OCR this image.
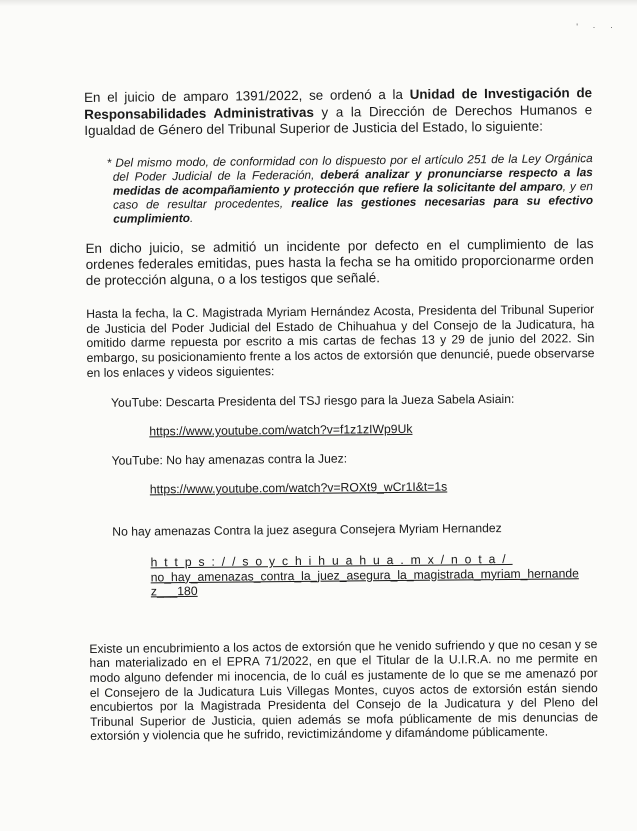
' · ·

En el juicio de amparo 1391/2022, se ordenó a la Unidad de Investigación de Responsabilidades Administrativas y a la Dirección de Derechos Humanos e Igualdad de Género del Tribunal Superior de Justicia del Estado, lo siguiente:

* Del mismo modo, de conformidad con lo dispuesto por el artículo 251 de la Ley Orgánica del Poder Judicial de la Federación, deberá analizar y pronunciarse respecto a las medidas de acompañamiento y protección que refiere la solicitante del amparo, y en caso de resultar procedentes, realice las gestiones necesarias para su efectivo cumplimiento.

En dicho juicio, se admitió un incidente por defecto en el cumplimiento de las ordenes federales emitidas, pues hasta la fecha se ha omitido proporcionarme orden de protección alguna, o a los testigos que señalé.

Hasta la fecha, la C. Magistrada Myriam Hernández Acosta, Presidenta del Tribunal Superior de Justicia del Poder Judicial del Estado de Chihuahua y del Consejo de la Judicatura, ha omitido darme repuesta por escrito a mis cartas de fechas 13 y 29 de junio del 2022. Sin embargo, su posicionamiento frente a los actos de extorsión que denuncié, puede observarse en los enlaces y videos siguientes:

YouTube: Descarta Presidenta del TSJ riesgo para la Jueza Sabela Asiain:

https://www.youtube.com/watch?v=f1z1zIWp9Uk

YouTube: No hay amenazas contra la Juez:

https://www.youtube.com/watch?v=ROXt9_wCr1I&t=1s

No hay amenazas Contra la juez asegura Consejera Myriam Hernandez

https://soychihuahua.mx/nota/
no_hay_amenazas_contra_la_juez_asegura_la_magistrada_myriam_hernande
z___180

Existe un encubrimiento a los actos de extorsión que he venido sufriendo y que no cesan y se han materializado en el EPRA 71/2022, en que el Titular de la U.I.R.A. no me permite en modo alguno defender mi inocencia, de lo cuál es justamente de lo que se me amenazó por el Consejero de la Judicatura Luis Villegas Montes, cuyos actos de extorsión están siendo encubiertos por la Magistrada Presidenta del Consejo de la Judicatura y del Pleno del Tribunal Superior de Justicia, quien además se mofa públicamente de mis denuncias de extorsión y violencia que he sufrido, revictimizándome y difamándome públicamente.
